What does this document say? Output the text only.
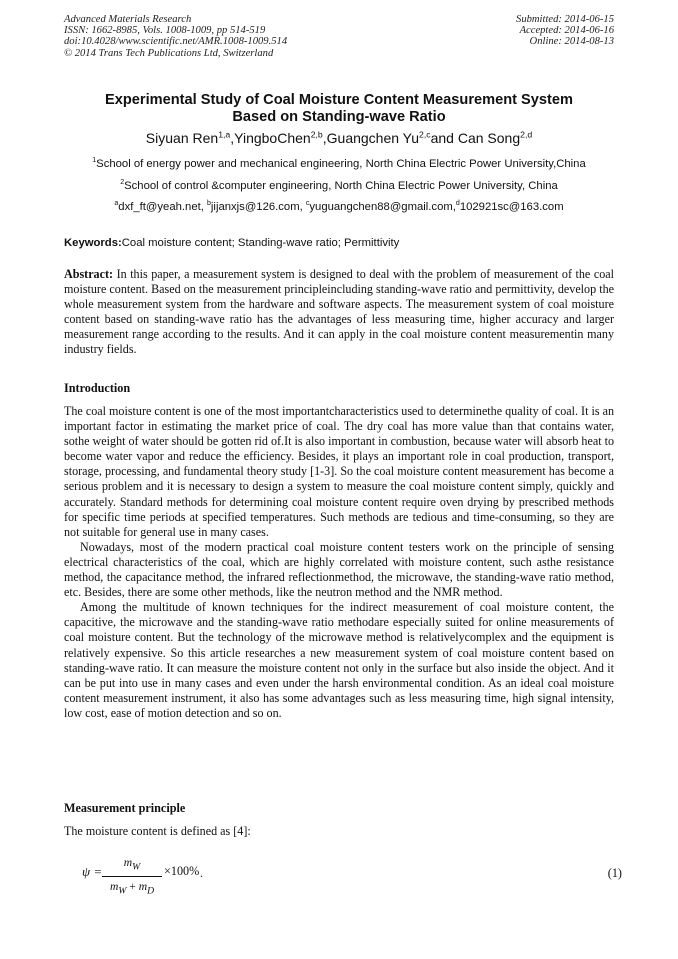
Advanced Materials Research
ISSN: 1662-8985, Vols. 1008-1009, pp 514-519
doi:10.4028/www.scientific.net/AMR.1008-1009.514
© 2014 Trans Tech Publications Ltd, Switzerland
Submitted: 2014-06-15
Accepted: 2014-06-16
Online: 2014-08-13
Experimental Study of Coal Moisture Content Measurement System
Based on Standing-wave Ratio
Siyuan Ren$^{1,a}$,YingboChen$^{2,b}$,Guangchen Yu$^{2,c}$and Can Song$^{2,d}$
$^1$School of energy power and mechanical engineering, North China Electric Power University,China
$^2$School of control &computer engineering, North China Electric Power University, China
$^a$dxf_ft@yeah.net, $^b$jijanxjs@126.com, $^c$yuguangchen88@gmail.com,$^d$102921sc@163.com
Keywords:Coal moisture content; Standing-wave ratio; Permittivity
Abstract: In this paper, a measurement system is designed to deal with the problem of measurement of the coal moisture content. Based on the measurement principleincluding standing-wave ratio and permittivity, develop the whole measurement system from the hardware and software aspects. The measurement system of coal moisture content based on standing-wave ratio has the advantages of less measuring time, higher accuracy and larger measurement range according to the results. And it can apply in the coal moisture content measurementin many industry fields.
Introduction

The coal moisture content is one of the most importantcharacteristics used to determinethe quality of coal. It is an important factor in estimating the market price of coal. The dry coal has more value than that contains water, sothe weight of water should be gotten rid of.It is also important in combustion, because water will absorb heat to become water vapor and reduce the efficiency. Besides, it plays an important role in coal production, transport, storage, processing, and fundamental theory study [1-3]. So the coal moisture content measurement has become a serious problem and it is necessary to design a system to measure the coal moisture content simply, quickly and accurately. Standard methods for determining coal moisture content require oven drying by prescribed methods for specific time periods at specified temperatures. Such methods are tedious and time-consuming, so they are not suitable for general use in many cases.

Nowadays, most of the modern practical coal moisture content testers work on the principle of sensing electrical characteristics of the coal, which are highly correlated with moisture content, such asthe resistance method, the capacitance method, the infrared reflectionmethod, the microwave, the standing-wave ratio method, etc. Besides, there are some other methods, like the neutron method and the NMR method.

Among the multitude of known techniques for the indirect measurement of coal moisture content, the capacitive, the microwave and the standing-wave ratio methodare especially suited for online measurements of coal moisture content. But the technology of the microwave method is relativelycomplex and the equipment is relatively expensive. So this article researches a new measurement system of coal moisture content based on standing-wave ratio. It can measure the moisture content not only in the surface but also inside the object. And it can be put into use in many cases and even under the harsh environmental condition. As an ideal coal moisture content measurement instrument, it also has some advantages such as less measuring time, high signal intensity, low cost, ease of motion detection and so on.

Measurement principle
The moisture content is defined as [4]:
ψ =
$m_W$
$m_W + m_D$
×100% .	(1)
